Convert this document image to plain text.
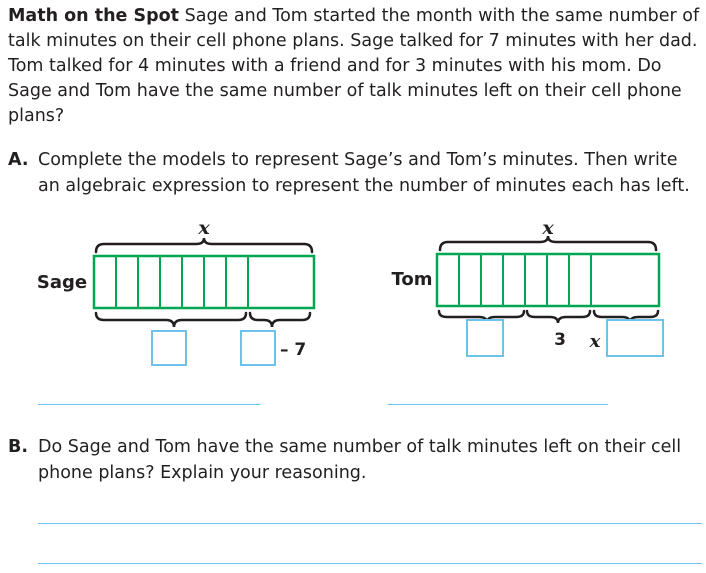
Math on the Spot Sage and Tom started the month with the same number of talk minutes on their cell phone plans. Sage talked for 7 minutes with her dad. Tom talked for 4 minutes with a friend and for 3 minutes with his mom. Do Sage and Tom have the same number of talk minutes left on their cell phone plans?

A. Complete the models to represent Sage’s and Tom’s minutes. Then write an algebraic expression to represent the number of minutes each has left.
Sage
x
– 7
Tom
x
3 x
B. Do Sage and Tom have the same number of talk minutes left on their cell phone plans? Explain your reasoning.
